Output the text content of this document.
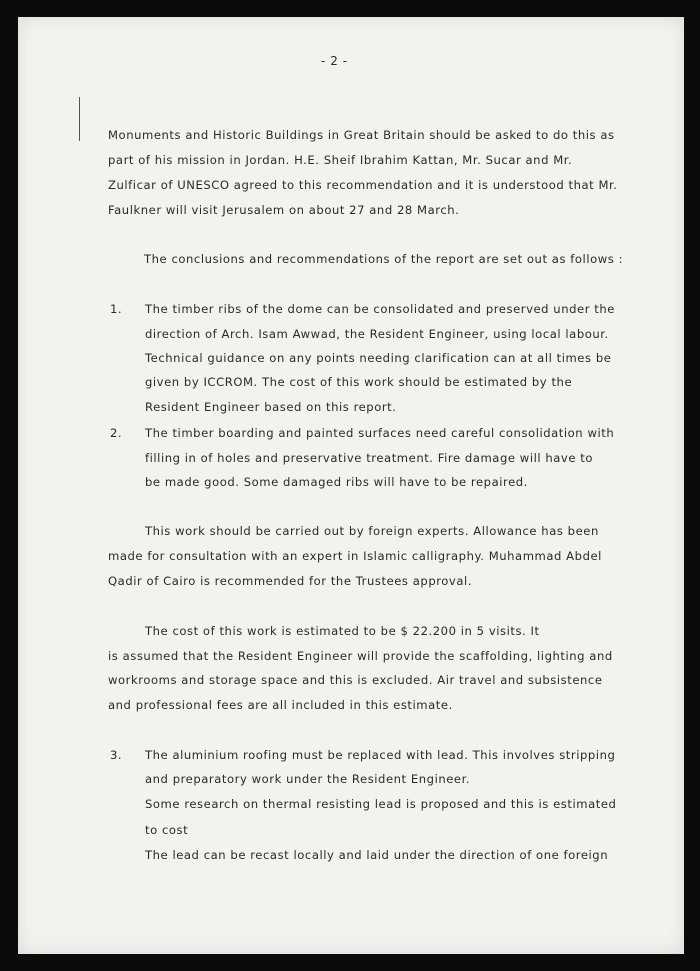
- 2 -
Monuments and Historic Buildings in Great Britain should be asked to do this as
part of his mission in Jordan. H.E. Sheif Ibrahim Kattan, Mr. Sucar and Mr.
Zulficar of UNESCO agreed to this recommendation and it is understood that Mr.
Faulkner will visit Jerusalem on about 27 and 28 March.
The conclusions and recommendations of the report are set out as follows :
1. The timber ribs of the dome can be consolidated and preserved under the
direction of Arch. Isam Awwad, the Resident Engineer, using local labour.
Technical guidance on any points needing clarification can at all times be
given by ICCROM. The cost of this work should be estimated by the
Resident Engineer based on this report.
2. The timber boarding and painted surfaces need careful consolidation with
filling in of holes and preservative treatment. Fire damage will have to
be made good. Some damaged ribs will have to be repaired.
This work should be carried out by foreign experts. Allowance has been
made for consultation with an expert in Islamic calligraphy. Muhammad Abdel
Qadir of Cairo is recommended for the Trustees approval.
The cost of this work is estimated to be $ 22.200 in 5 visits. It
is assumed that the Resident Engineer will provide the scaffolding, lighting and
workrooms and storage space and this is excluded. Air travel and subsistence
and professional fees are all included in this estimate.
3. The aluminium roofing must be replaced with lead. This involves stripping
and preparatory work under the Resident Engineer.
Some research on thermal resisting lead is proposed and this is estimated
to cost
The lead can be recast locally and laid under the direction of one foreign
